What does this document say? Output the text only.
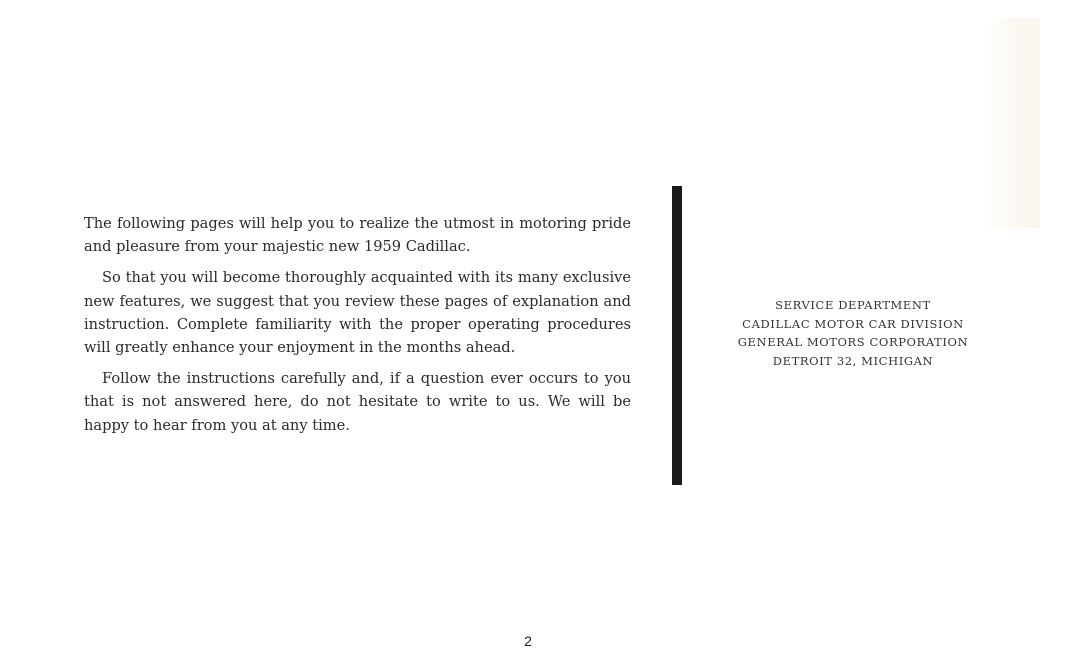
The following pages will help you to realize the utmost in motoring pride and pleasure from your majestic new 1959 Cadillac.

So that you will become thoroughly acquainted with its many exclusive new features, we suggest that you review these pages of explanation and instruction. Complete familiarity with the proper operating procedures will greatly enhance your enjoyment in the months ahead.

Follow the instructions carefully and, if a question ever occurs to you that is not answered here, do not hesitate to write to us. We will be happy to hear from you at any time.

SERVICE DEPARTMENT
CADILLAC MOTOR CAR DIVISION
GENERAL MOTORS CORPORATION
DETROIT 32, MICHIGAN
2
